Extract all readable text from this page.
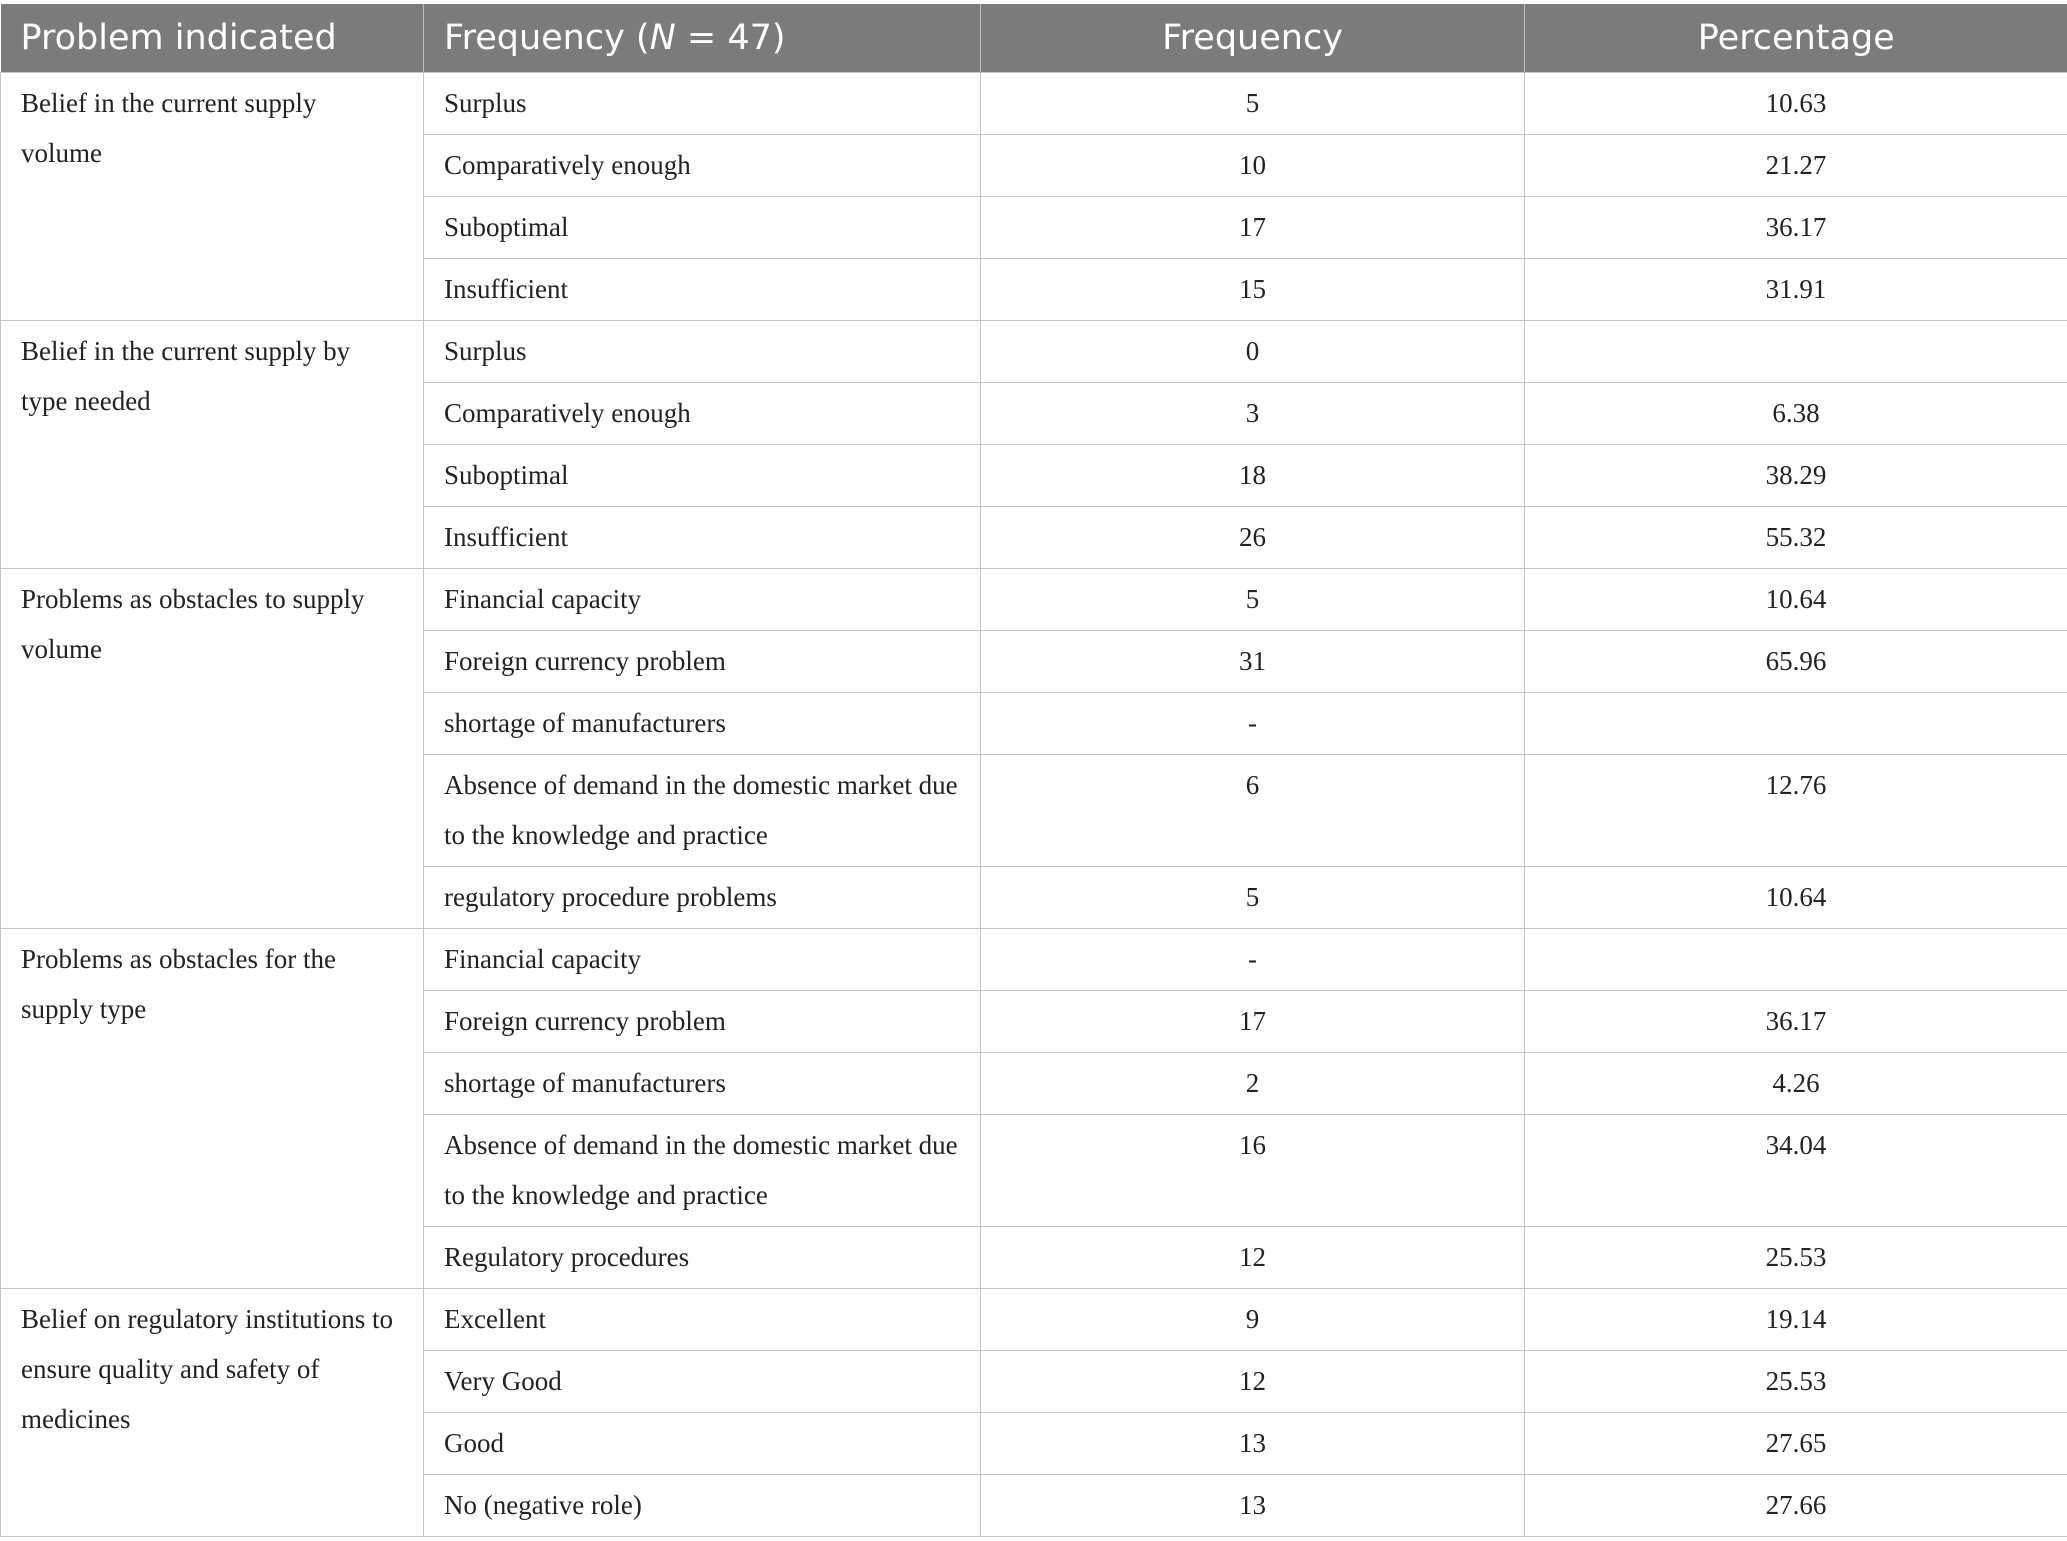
Problem indicated	Frequency (N = 47)	Frequency	Percentage
Belief in the current supply volume	Surplus	5	10.63
	Comparatively enough	10	21.27
	Suboptimal	17	36.17
	Insufficient	15	31.91
Belief in the current supply by type needed	Surplus	0	
	Comparatively enough	3	6.38
	Suboptimal	18	38.29
	Insufficient	26	55.32
Problems as obstacles to supply volume	Financial capacity	5	10.64
	Foreign currency problem	31	65.96
	shortage of manufacturers	-	
	Absence of demand in the domestic market due to the knowledge and practice	6	12.76
	regulatory procedure problems	5	10.64
Problems as obstacles for the supply type	Financial capacity	-	
	Foreign currency problem	17	36.17
	shortage of manufacturers	2	4.26
	Absence of demand in the domestic market due to the knowledge and practice	16	34.04
	Regulatory procedures	12	25.53
Belief on regulatory institutions to ensure quality and safety of medicines	Excellent	9	19.14
	Very Good	12	25.53
	Good	13	27.65
	No (negative role)	13	27.66
